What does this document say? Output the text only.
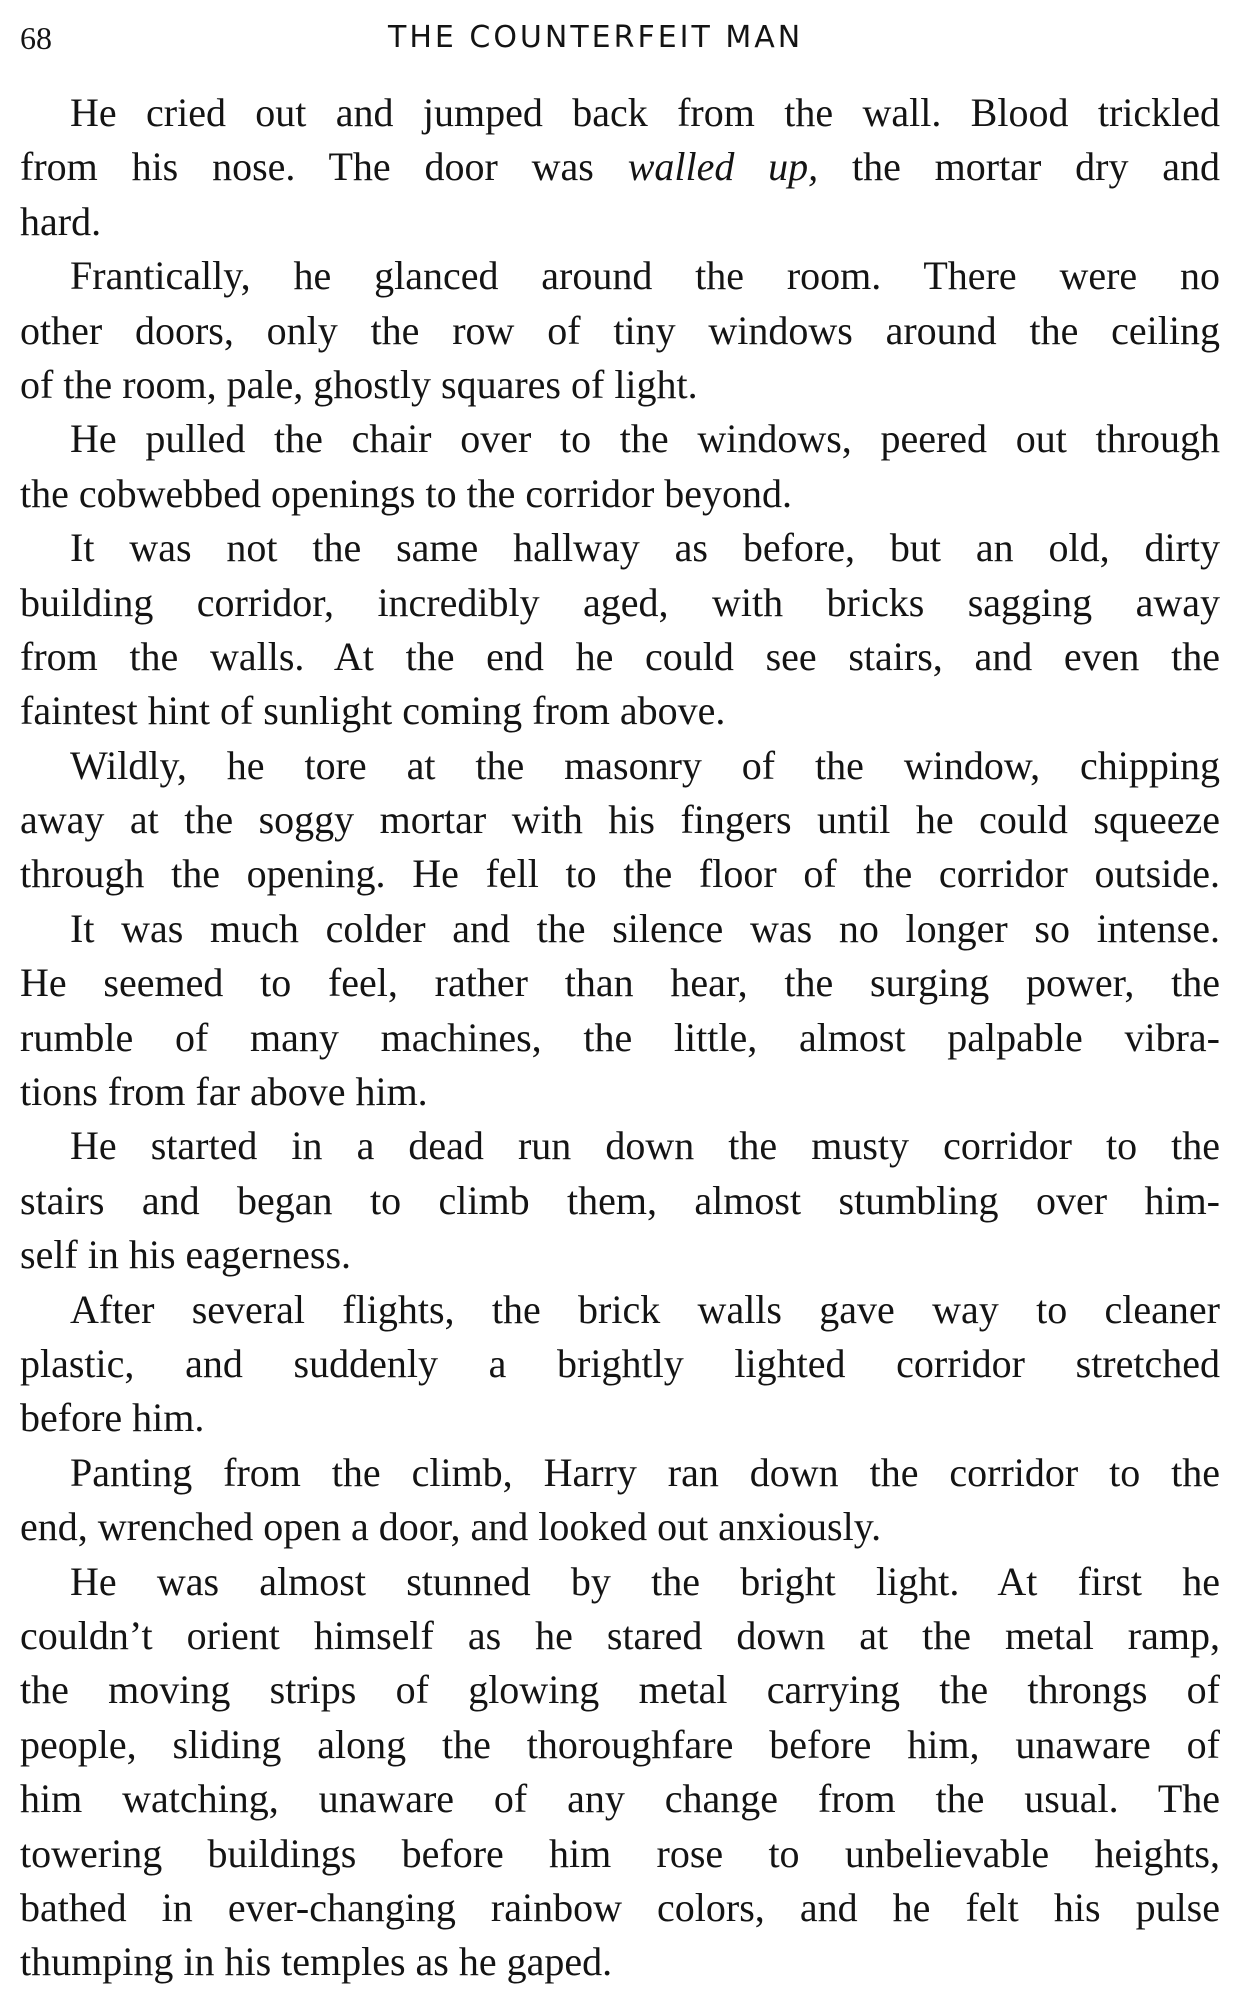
68	THE COUNTERFEIT MAN
He cried out and jumped back from the wall. Blood trickled
from his nose. The door was walled up, the mortar dry and
hard.
Frantically, he glanced around the room. There were no
other doors, only the row of tiny windows around the ceiling
of the room, pale, ghostly squares of light.
He pulled the chair over to the windows, peered out through
the cobwebbed openings to the corridor beyond.
It was not the same hallway as before, but an old, dirty
building corridor, incredibly aged, with bricks sagging away
from the walls. At the end he could see stairs, and even the
faintest hint of sunlight coming from above.
Wildly, he tore at the masonry of the window, chipping
away at the soggy mortar with his fingers until he could squeeze
through the opening. He fell to the floor of the corridor outside.
It was much colder and the silence was no longer so intense.
He seemed to feel, rather than hear, the surging power, the
rumble of many machines, the little, almost palpable vibra-
tions from far above him.
He started in a dead run down the musty corridor to the
stairs and began to climb them, almost stumbling over him-
self in his eagerness.
After several flights, the brick walls gave way to cleaner
plastic, and suddenly a brightly lighted corridor stretched
before him.
Panting from the climb, Harry ran down the corridor to the
end, wrenched open a door, and looked out anxiously.
He was almost stunned by the bright light. At first he
couldn’t orient himself as he stared down at the metal ramp,
the moving strips of glowing metal carrying the throngs of
people, sliding along the thoroughfare before him, unaware of
him watching, unaware of any change from the usual. The
towering buildings before him rose to unbelievable heights,
bathed in ever-changing rainbow colors, and he felt his pulse
thumping in his temples as he gaped.
